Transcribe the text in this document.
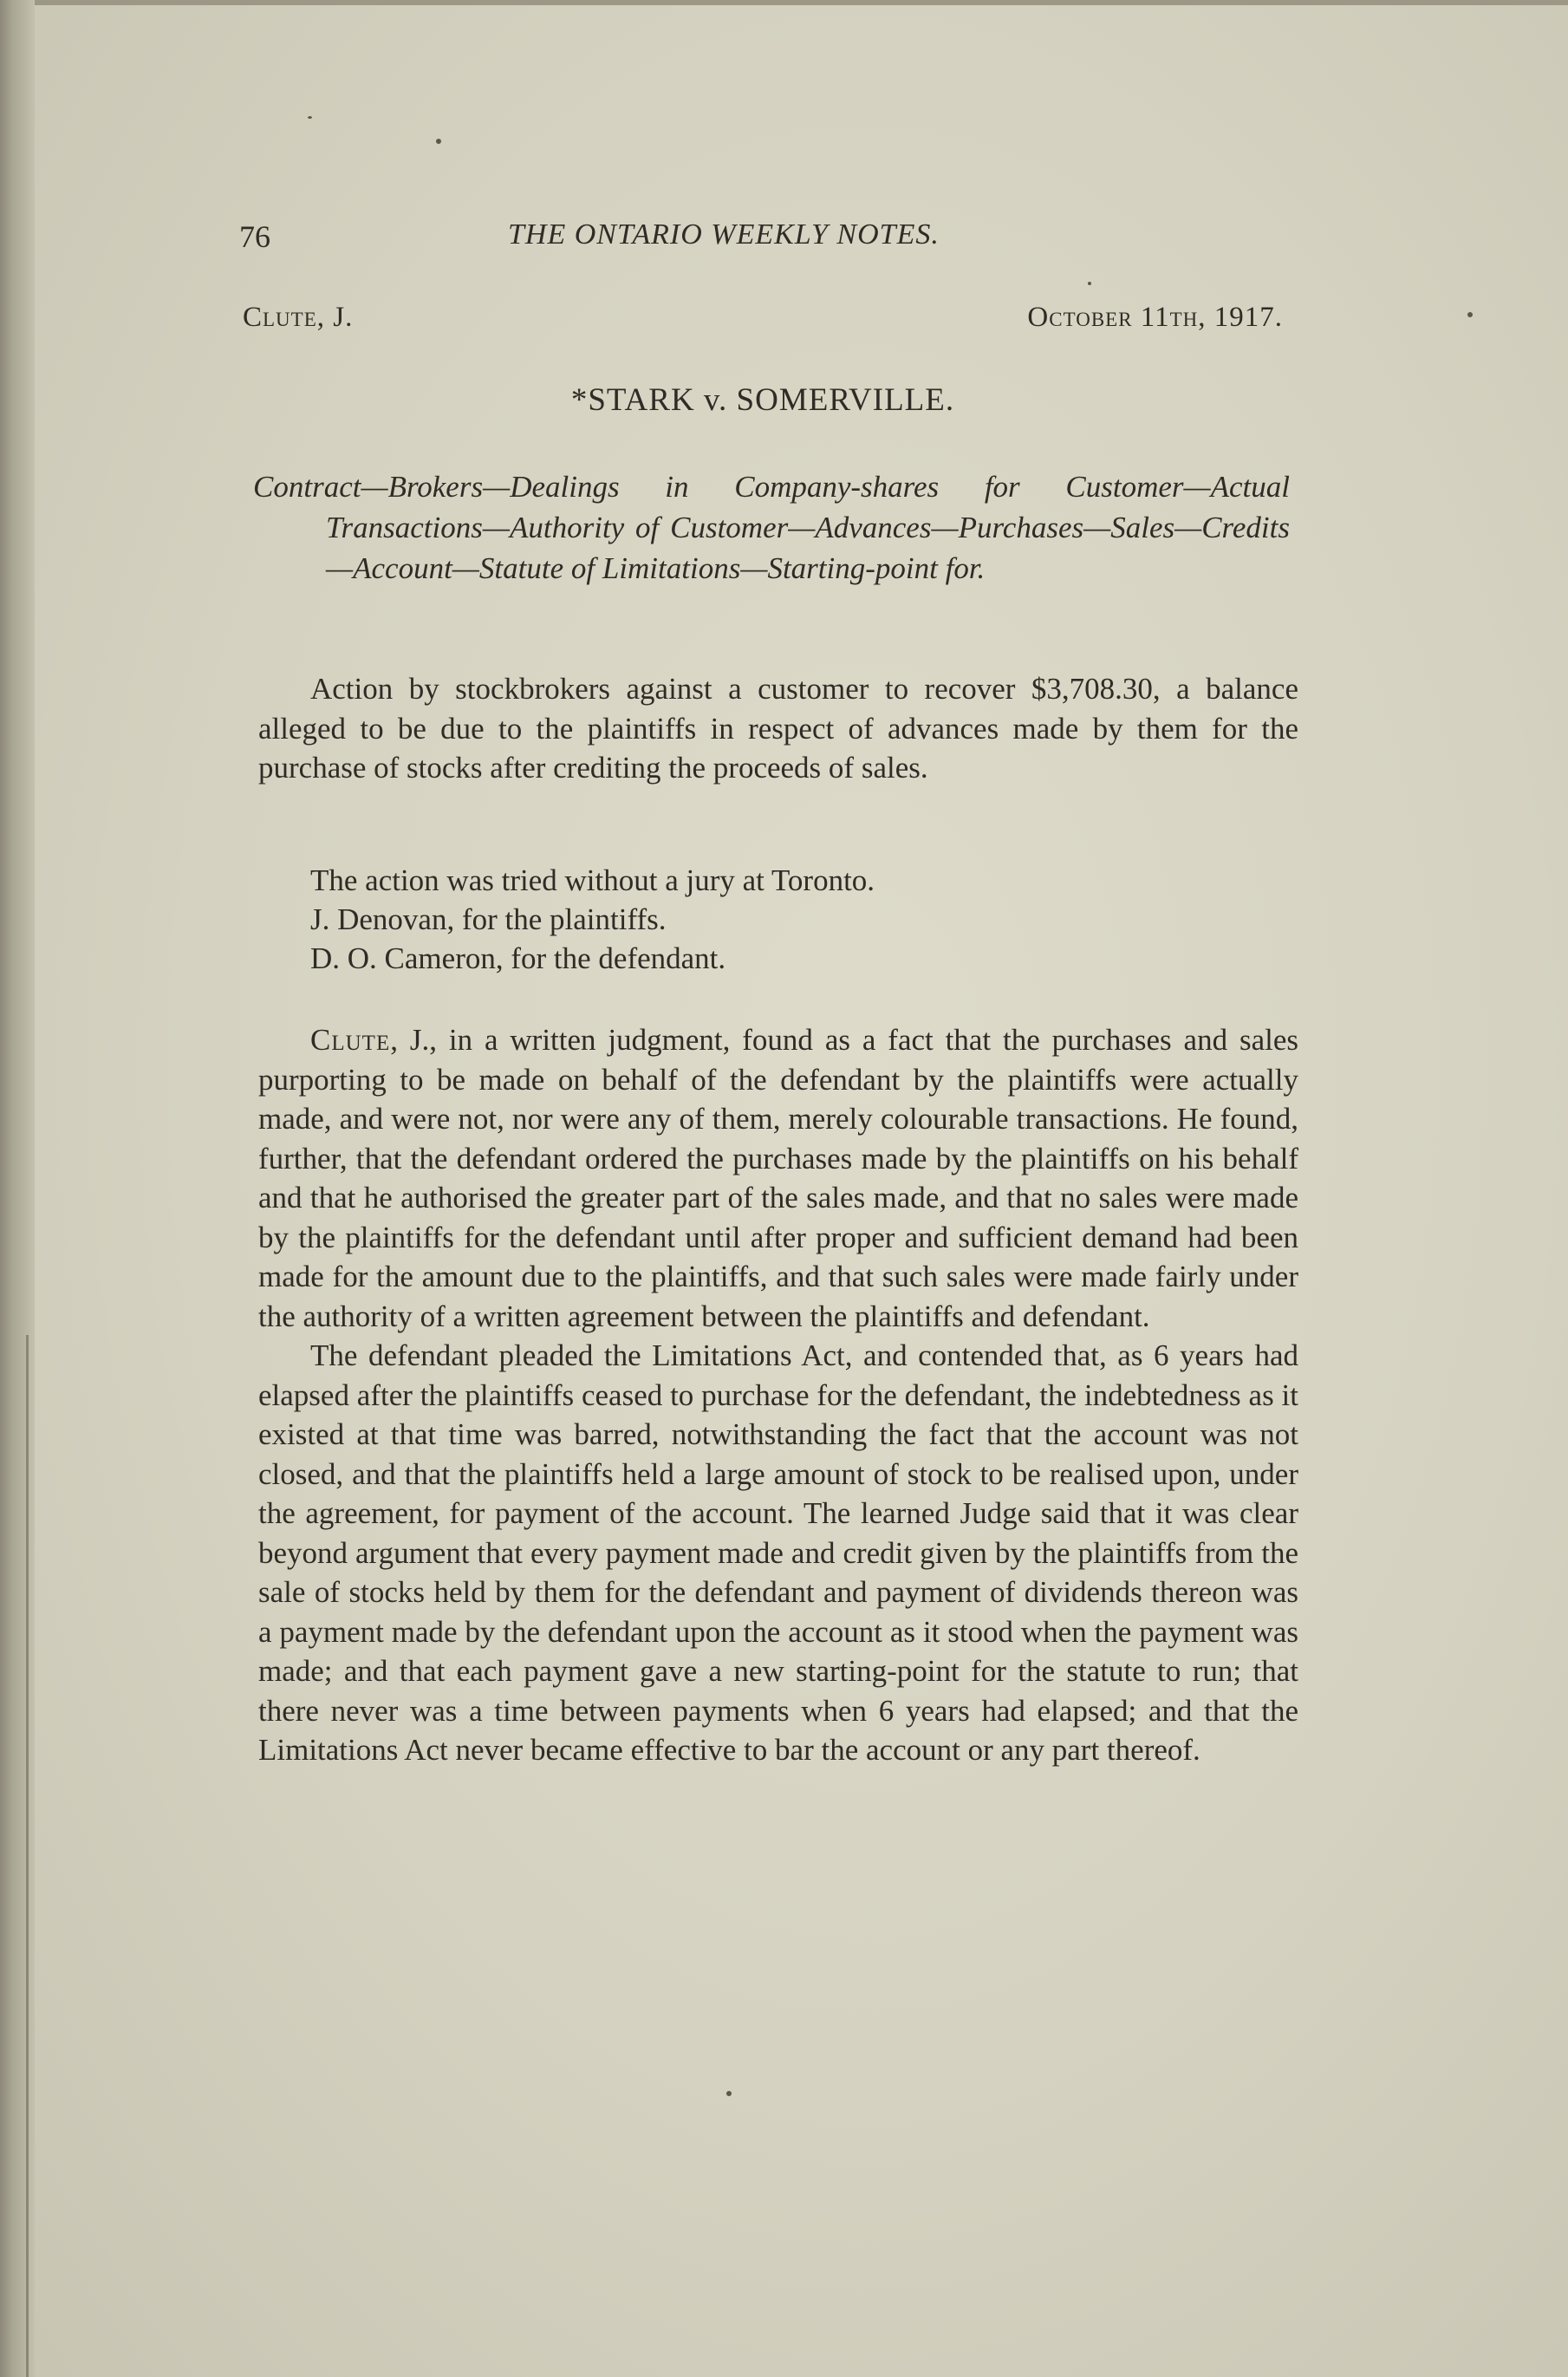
76	THE ONTARIO WEEKLY NOTES.
Clute, J.	October 11th, 1917.
*STARK v. SOMERVILLE.
Contract—Brokers—Dealings in Company-shares for Customer—Actual Transactions—Authority of Customer—Advances—Purchases—Sales—Credits—Account—Statute of Limitations—Starting-point for.

Action by stockbrokers against a customer to recover $3,708.30, a balance alleged to be due to the plaintiffs in respect of advances made by them for the purchase of stocks after crediting the proceeds of sales.

The action was tried without a jury at Toronto.
J. Denovan, for the plaintiffs.
D. O. Cameron, for the defendant.

Clute, J., in a written judgment, found as a fact that the purchases and sales purporting to be made on behalf of the defendant by the plaintiffs were actually made, and were not, nor were any of them, merely colourable transactions. He found, further, that the defendant ordered the purchases made by the plaintiffs on his behalf and that he authorised the greater part of the sales made, and that no sales were made by the plaintiffs for the defendant until after proper and sufficient demand had been made for the amount due to the plaintiffs, and that such sales were made fairly under the authority of a written agreement between the plaintiffs and defendant.

The defendant pleaded the Limitations Act, and contended that, as 6 years had elapsed after the plaintiffs ceased to purchase for the defendant, the indebtedness as it existed at that time was barred, notwithstanding the fact that the account was not closed, and that the plaintiffs held a large amount of stock to be realised upon, under the agreement, for payment of the account. The learned Judge said that it was clear beyond argument that every payment made and credit given by the plaintiffs from the sale of stocks held by them for the defendant and payment of dividends thereon was a payment made by the defendant upon the account as it stood when the payment was made; and that each payment gave a new starting-point for the statute to run; that there never was a time between payments when 6 years had elapsed; and that the Limitations Act never became effective to bar the account or any part thereof.
